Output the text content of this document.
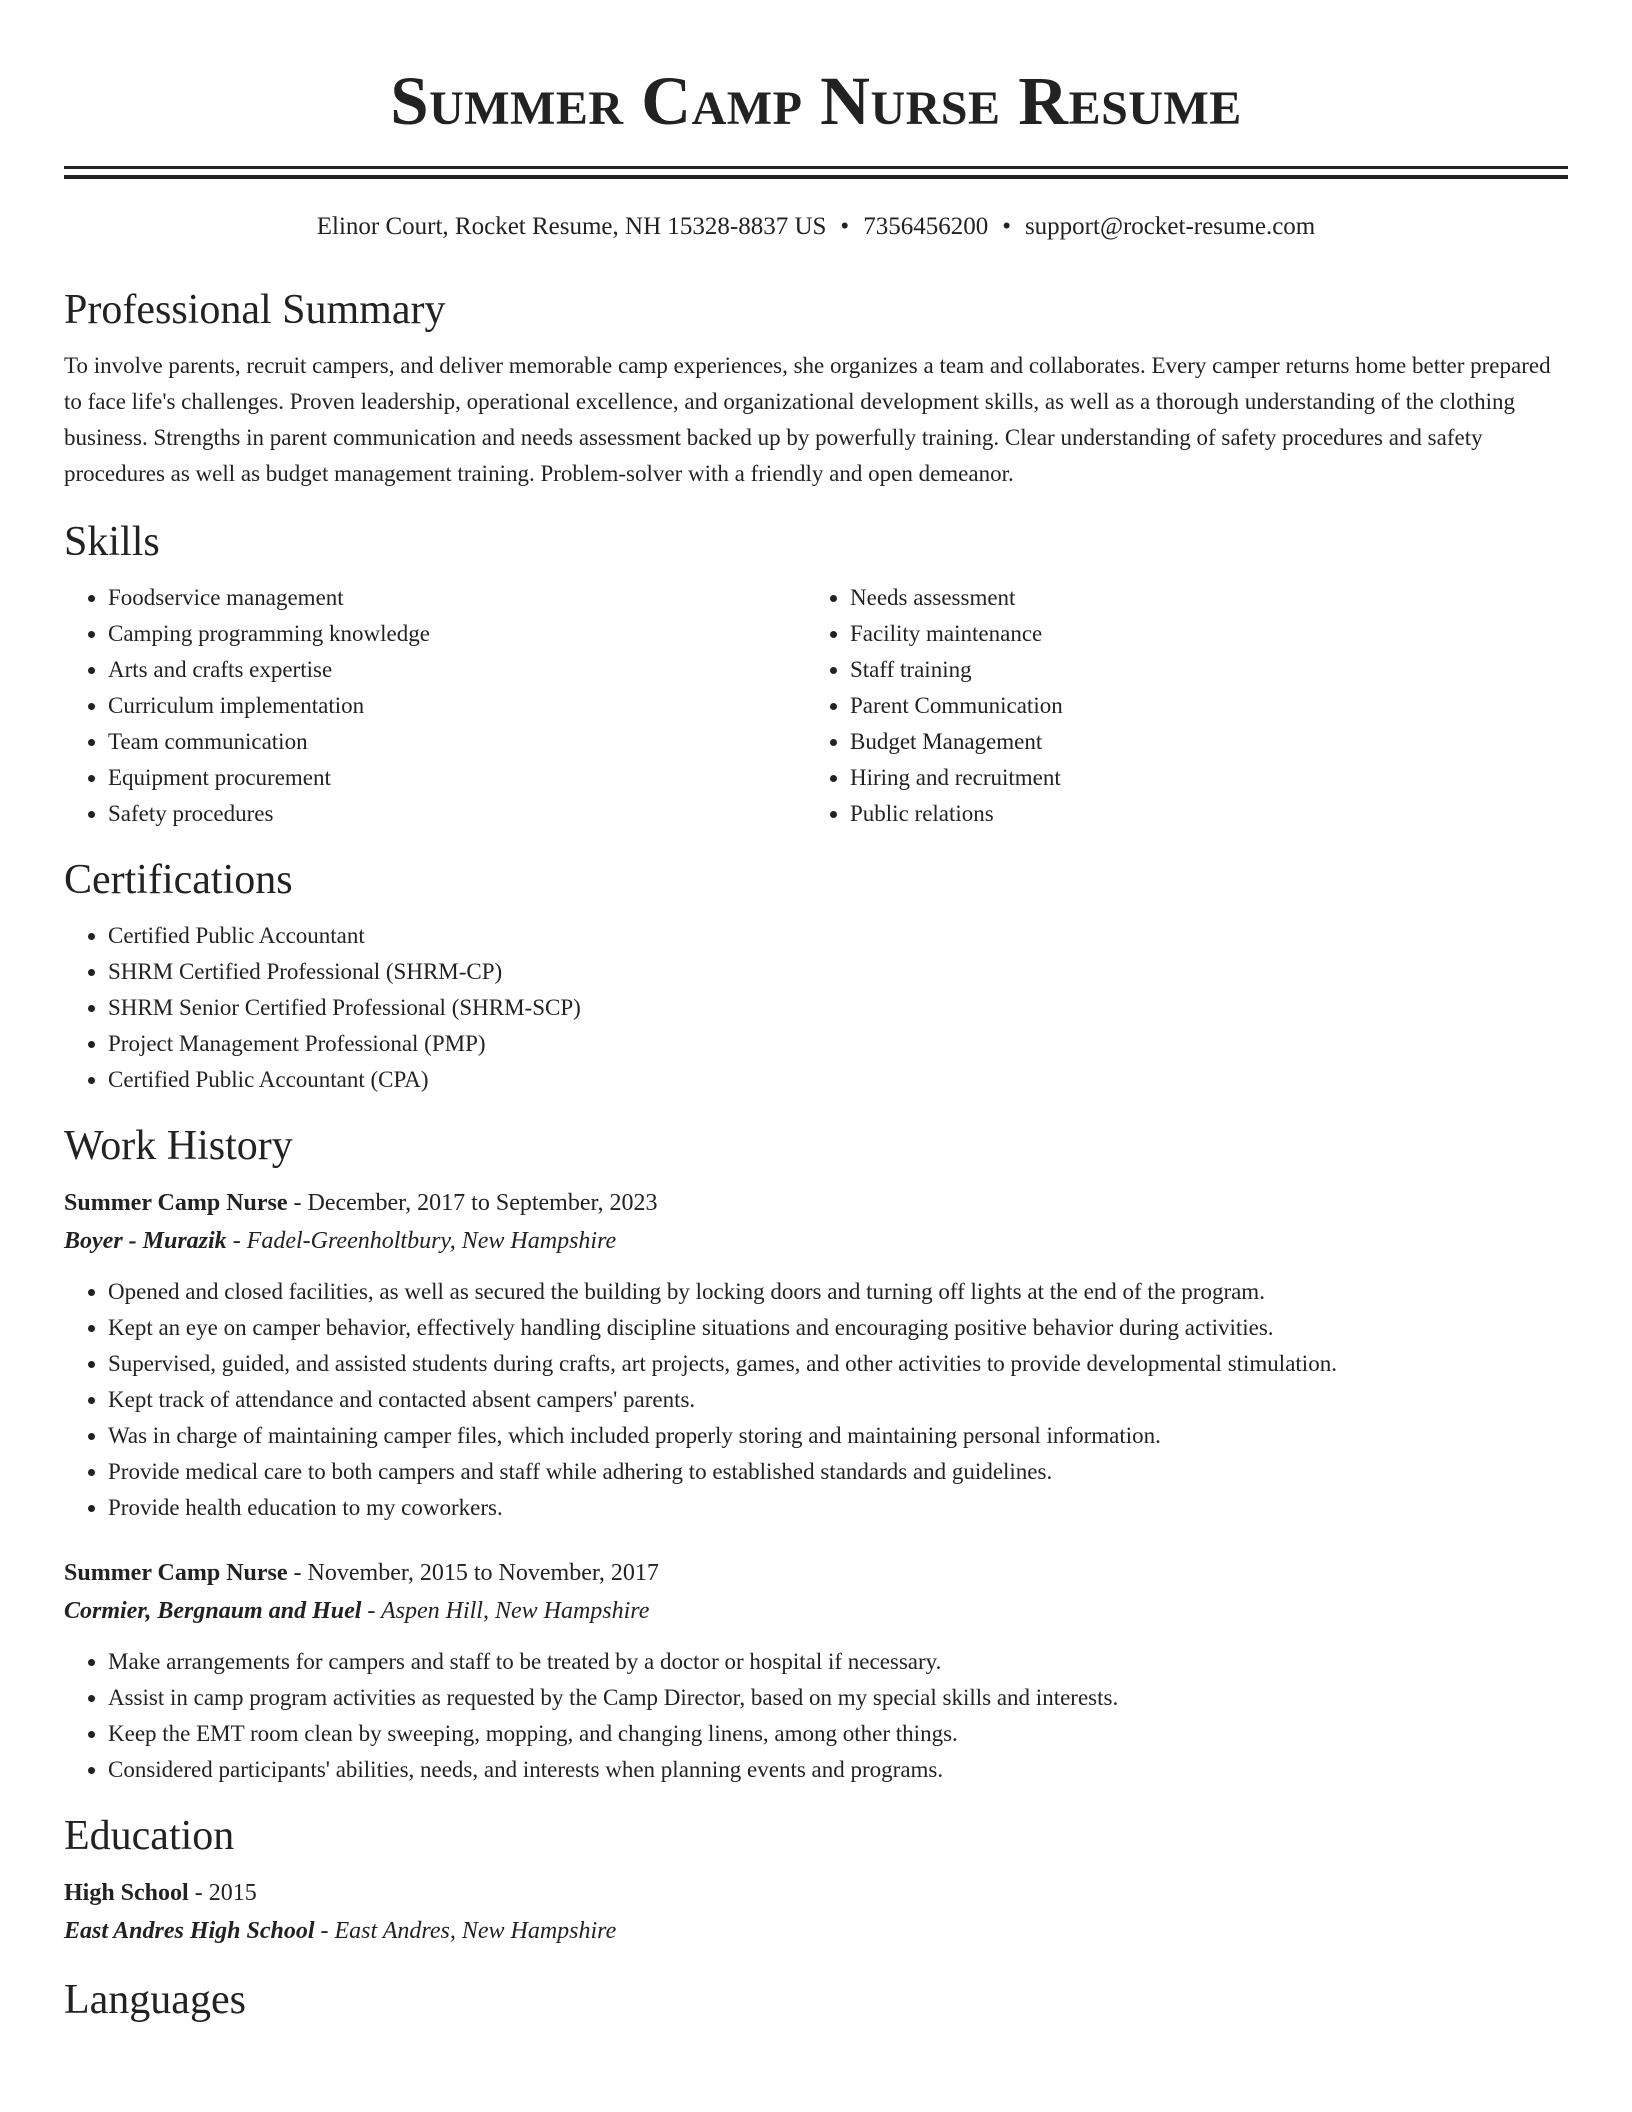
Summer Camp Nurse Resume
Elinor Court, Rocket Resume, NH 15328-8837 US • 7356456200 • support@rocket-resume.com
Professional Summary

To involve parents, recruit campers, and deliver memorable camp experiences, she organizes a team and collaborates. Every camper returns home better prepared to face life's challenges. Proven leadership, operational excellence, and organizational development skills, as well as a thorough understanding of the clothing business. Strengths in parent communication and needs assessment backed up by powerfully training. Clear understanding of safety procedures and safety procedures as well as budget management training. Problem-solver with a friendly and open demeanor.

Skills
• Foodservice management
• Camping programming knowledge
• Arts and crafts expertise
• Curriculum implementation
• Team communication
• Equipment procurement
• Safety procedures
• Needs assessment
• Facility maintenance
• Staff training
• Parent Communication
• Budget Management
• Hiring and recruitment
• Public relations
Certifications
• Certified Public Accountant
• SHRM Certified Professional (SHRM-CP)
• SHRM Senior Certified Professional (SHRM-SCP)
• Project Management Professional (PMP)
• Certified Public Accountant (CPA)
Work History
Summer Camp Nurse - December, 2017 to September, 2023
Boyer - Murazik - Fadel-Greenholtbury, New Hampshire
• Opened and closed facilities, as well as secured the building by locking doors and turning off lights at the end of the program.
• Kept an eye on camper behavior, effectively handling discipline situations and encouraging positive behavior during activities.
• Supervised, guided, and assisted students during crafts, art projects, games, and other activities to provide developmental stimulation.
• Kept track of attendance and contacted absent campers' parents.
• Was in charge of maintaining camper files, which included properly storing and maintaining personal information.
• Provide medical care to both campers and staff while adhering to established standards and guidelines.
• Provide health education to my coworkers.
Summer Camp Nurse - November, 2015 to November, 2017
Cormier, Bergnaum and Huel - Aspen Hill, New Hampshire
• Make arrangements for campers and staff to be treated by a doctor or hospital if necessary.
• Assist in camp program activities as requested by the Camp Director, based on my special skills and interests.
• Keep the EMT room clean by sweeping, mopping, and changing linens, among other things.
• Considered participants' abilities, needs, and interests when planning events and programs.
Education
High School - 2015
East Andres High School - East Andres, New Hampshire
Languages
